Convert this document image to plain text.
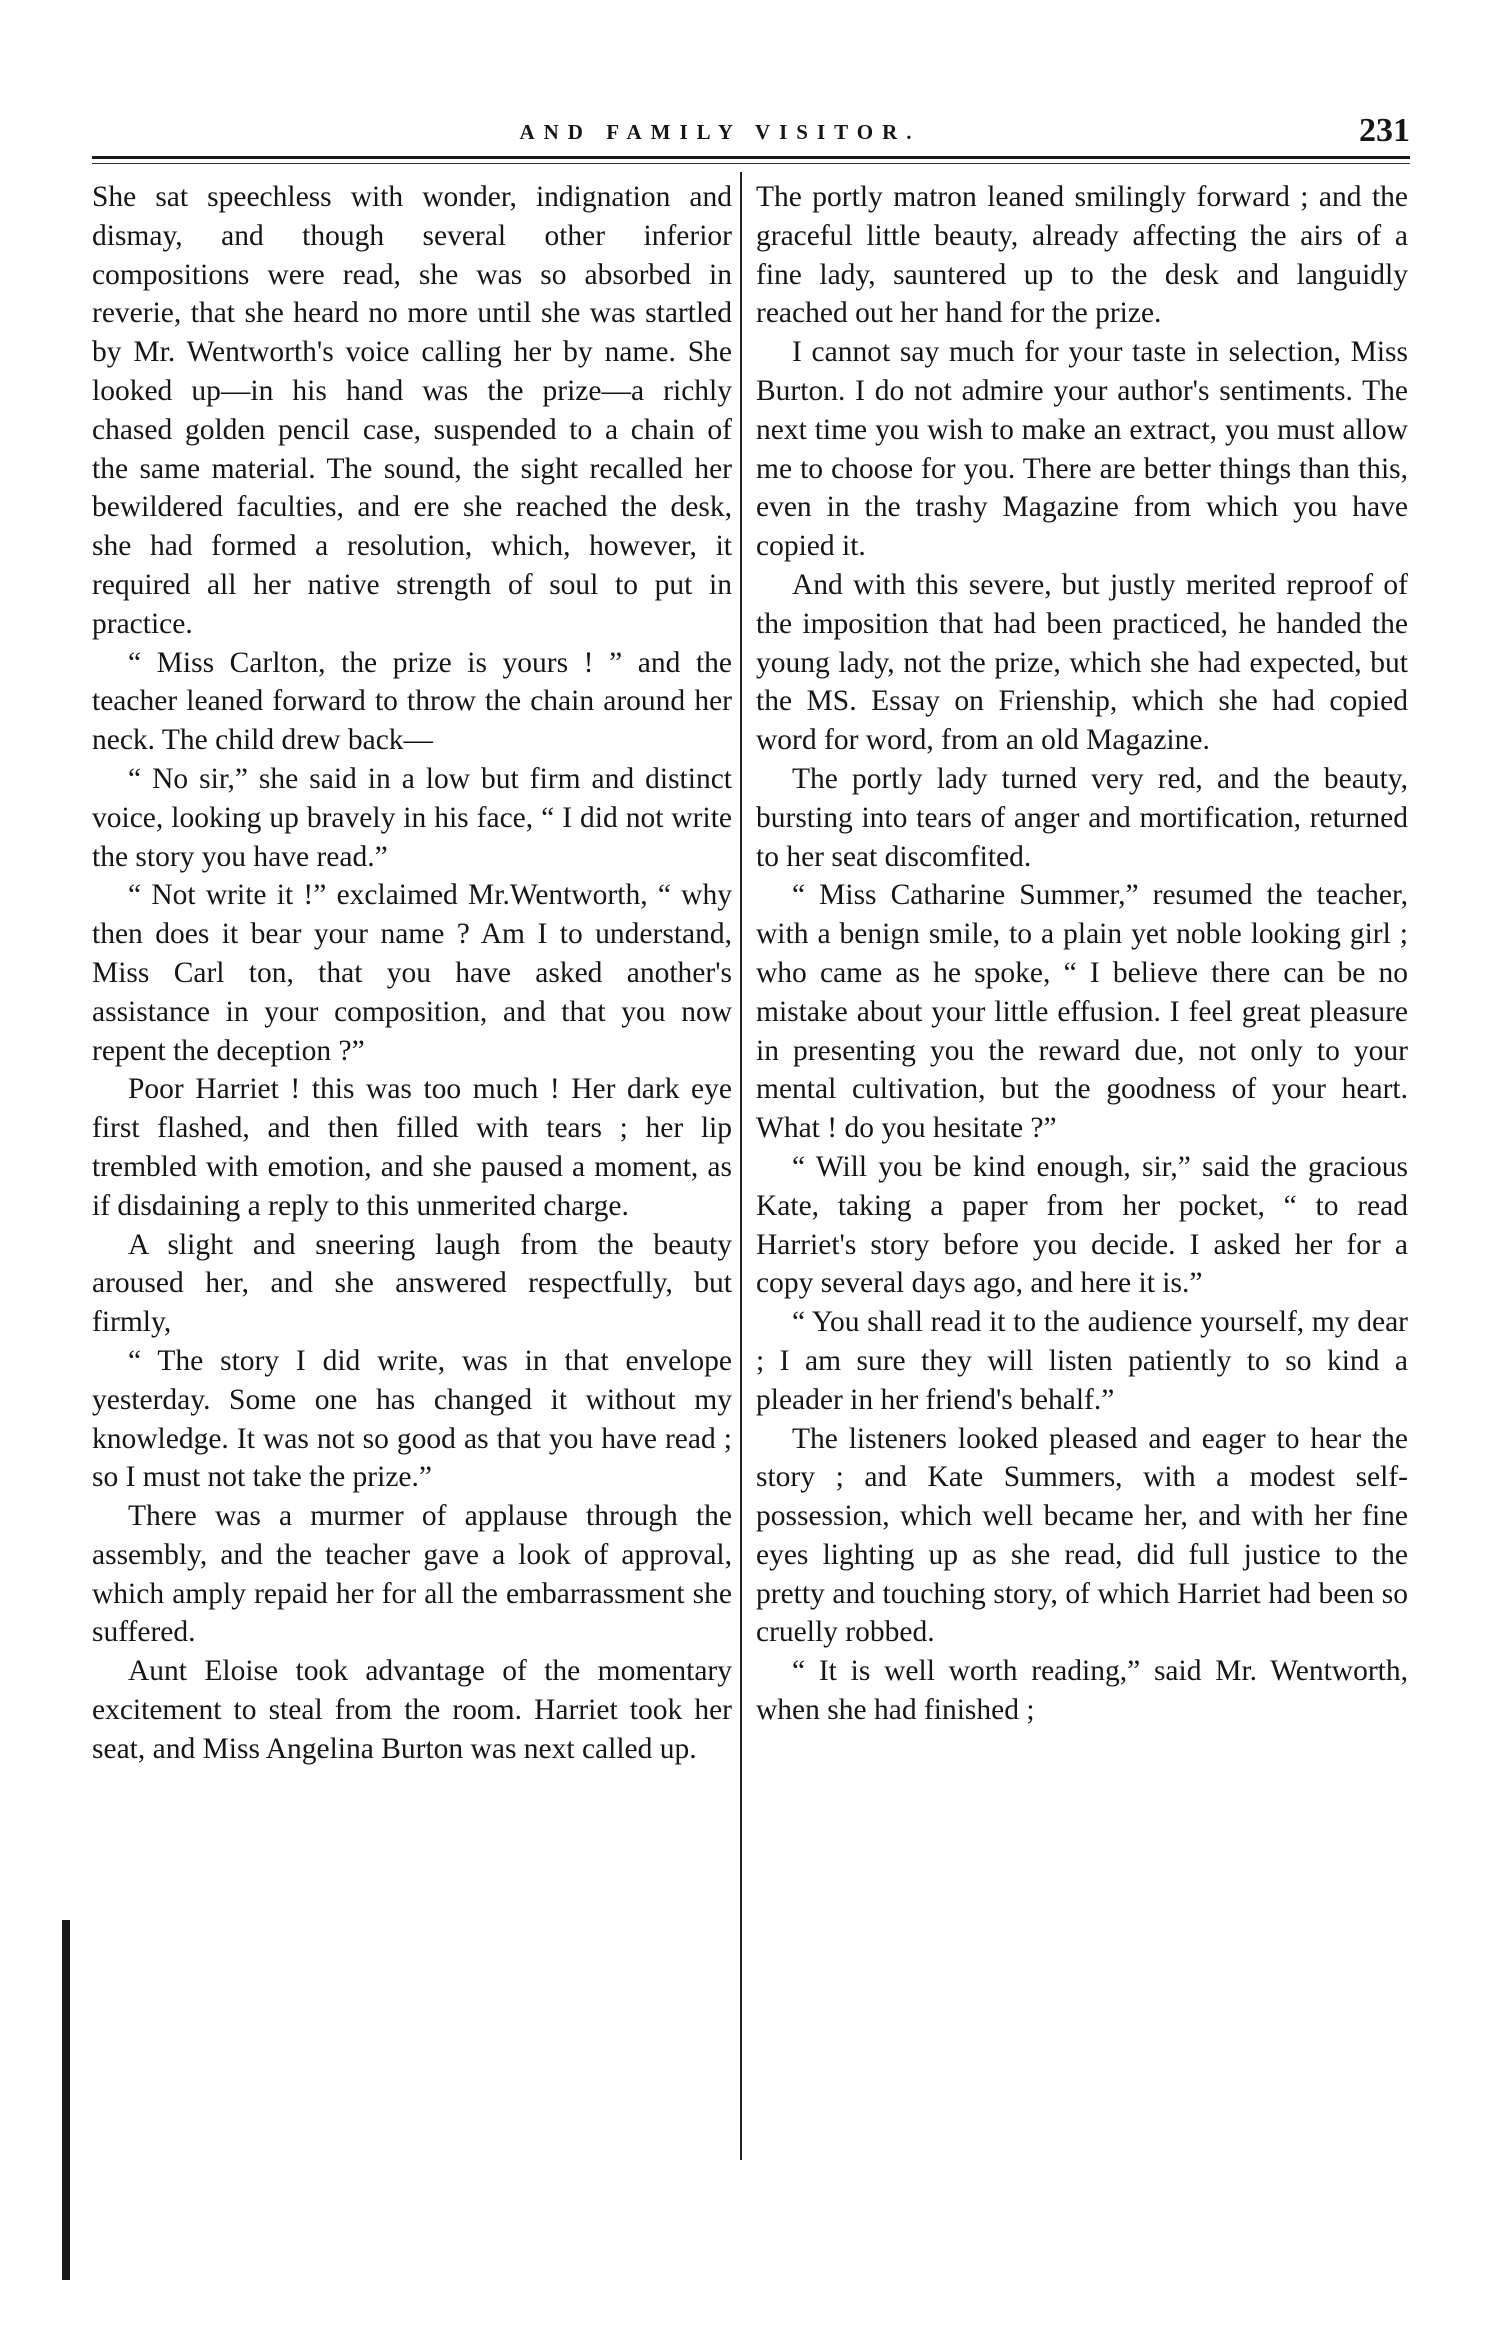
AND FAMILY VISITOR.	231

She sat speechless with wonder, indignation and dismay, and though several other inferior compositions were read, she was so absorbed in reverie, that she heard no more until she was startled by Mr. Wentworth's voice calling her by name. She looked up—in his hand was the prize—a richly chased golden pencil case, suspended to a chain of the same material. The sound, the sight recalled her bewildered faculties, and ere she reached the desk, she had formed a resolution, which, however, it required all her native strength of soul to put in practice.

“ Miss Carlton, the prize is yours ! ” and the teacher leaned forward to throw the chain around her neck. The child drew back—

“ No sir,” she said in a low but firm and distinct voice, looking up bravely in his face, “ I did not write the story you have read.”

“ Not write it !” exclaimed Mr.Wentworth, “ why then does it bear your name ? Am I to understand, Miss Carl ton, that you have asked another's assistance in your composition, and that you now repent the deception ?”

Poor Harriet ! this was too much ! Her dark eye first flashed, and then filled with tears ; her lip trembled with emotion, and she paused a moment, as if disdaining a reply to this unmerited charge.

A slight and sneering laugh from the beauty aroused her, and she answered respectfully, but firmly,

“ The story I did write, was in that envelope yesterday. Some one has changed it without my knowledge. It was not so good as that you have read ; so I must not take the prize.”

There was a murmer of applause through the assembly, and the teacher gave a look of approval, which amply repaid her for all the embarrassment she suffered.

Aunt Eloise took advantage of the momentary excitement to steal from the room. Harriet took her seat, and Miss Angelina Burton was next called up.

The portly matron leaned smilingly forward ; and the graceful little beauty, already affecting the airs of a fine lady, sauntered up to the desk and languidly reached out her hand for the prize.

I cannot say much for your taste in selection, Miss Burton. I do not admire your author's sentiments. The next time you wish to make an extract, you must allow me to choose for you. There are better things than this, even in the trashy Magazine from which you have copied it.

And with this severe, but justly merited reproof of the imposition that had been practiced, he handed the young lady, not the prize, which she had expected, but the MS. Essay on Frienship, which she had copied word for word, from an old Magazine.

The portly lady turned very red, and the beauty, bursting into tears of anger and mortification, returned to her seat discomfited.

“ Miss Catharine Summer,” resumed the teacher, with a benign smile, to a plain yet noble looking girl ; who came as he spoke, “ I believe there can be no mistake about your little effusion. I feel great pleasure in presenting you the reward due, not only to your mental cultivation, but the goodness of your heart. What ! do you hesitate ?”

“ Will you be kind enough, sir,” said the gracious Kate, taking a paper from her pocket, “ to read Harriet's story before you decide. I asked her for a copy several days ago, and here it is.”

“ You shall read it to the audience yourself, my dear ; I am sure they will listen patiently to so kind a pleader in her friend's behalf.”

The listeners looked pleased and eager to hear the story ; and Kate Summers, with a modest self-possession, which well became her, and with her fine eyes lighting up as she read, did full justice to the pretty and touching story, of which Harriet had been so cruelly robbed.

“ It is well worth reading,” said Mr. Wentworth, when she had finished ;
